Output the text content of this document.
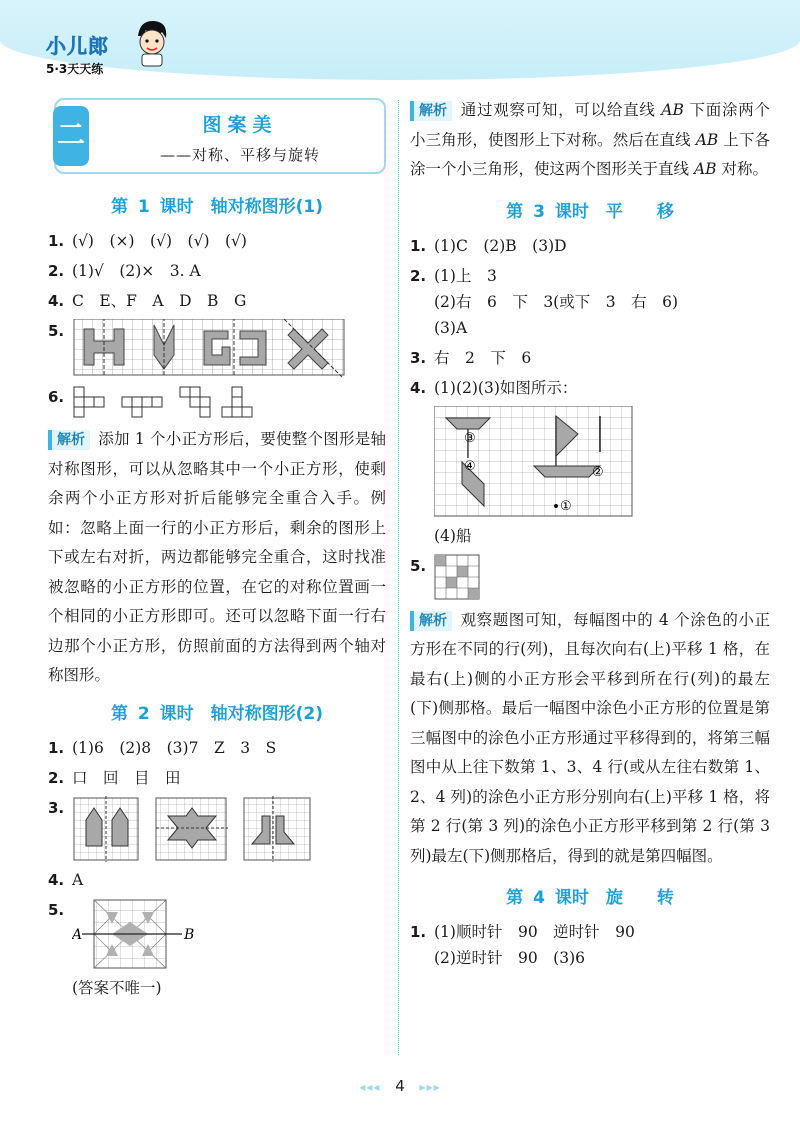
小儿郎
5·3天天练
二	图案美
——对称、平移与旋转
第 1 课时　轴对称图形(1)
1. (√)　(×)　(√)　(√)　(√)
2. (1)√　(2)×　3. A
4. C　E、F　A　D　B　G
5.
6.
解析 添加 1 个小正方形后，要使整个图形是轴对称图形，可以从忽略其中一个小正方形，使剩余两个小正方形对折后能够完全重合入手。例如：忽略上面一行的小正方形后，剩余的图形上下或左右对折，两边都能够完全重合，这时找准被忽略的小正方形的位置，在它的对称位置画一个相同的小正方形即可。还可以忽略下面一行右边那个小正方形，仿照前面的方法得到两个轴对称图形。
第 2 课时　轴对称图形(2)
1. (1)6　(2)8　(3)7　Z　3　S
2. 口　回　目　田
3.
4. A
5.
A	B
(答案不唯一)
解析 通过观察可知，可以给直线 AB 下面涂两个小三角形，使图形上下对称。然后在直线 AB 上下各涂一个小三角形，使这两个图形关于直线 AB 对称。
第 3 课时　平　　移
1. (1)C　(2)B　(3)D
2. (1)上　3
(2)右　6　下　3(或下　3　右　6)
(3)A
3. 右　2　下　6
4. (1)(2)(3)如图所示：
③
④	②
①
(4)船
5.
解析 观察题图可知，每幅图中的 4 个涂色的小正方形在不同的行(列)，且每次向右(上)平移 1 格，在最右(上)侧的小正方形会平移到所在行(列)的最左(下)侧那格。最后一幅图中涂色小正方形的位置是第三幅图中的涂色小正方形通过平移得到的，将第三幅图中从上往下数第 1、3、4 行(或从左往右数第 1、2、4 列)的涂色小正方形分别向右(上)平移 1 格，将第 2 行(第 3 列)的涂色小正方形平移到第 2 行(第 3 列)最左(下)侧那格后，得到的就是第四幅图。
第 4 课时　旋　　转
1. (1)顺时针　90　逆时针　90
(2)逆时针　90　(3)6
◂◂◂ 4 ▸▸▸
